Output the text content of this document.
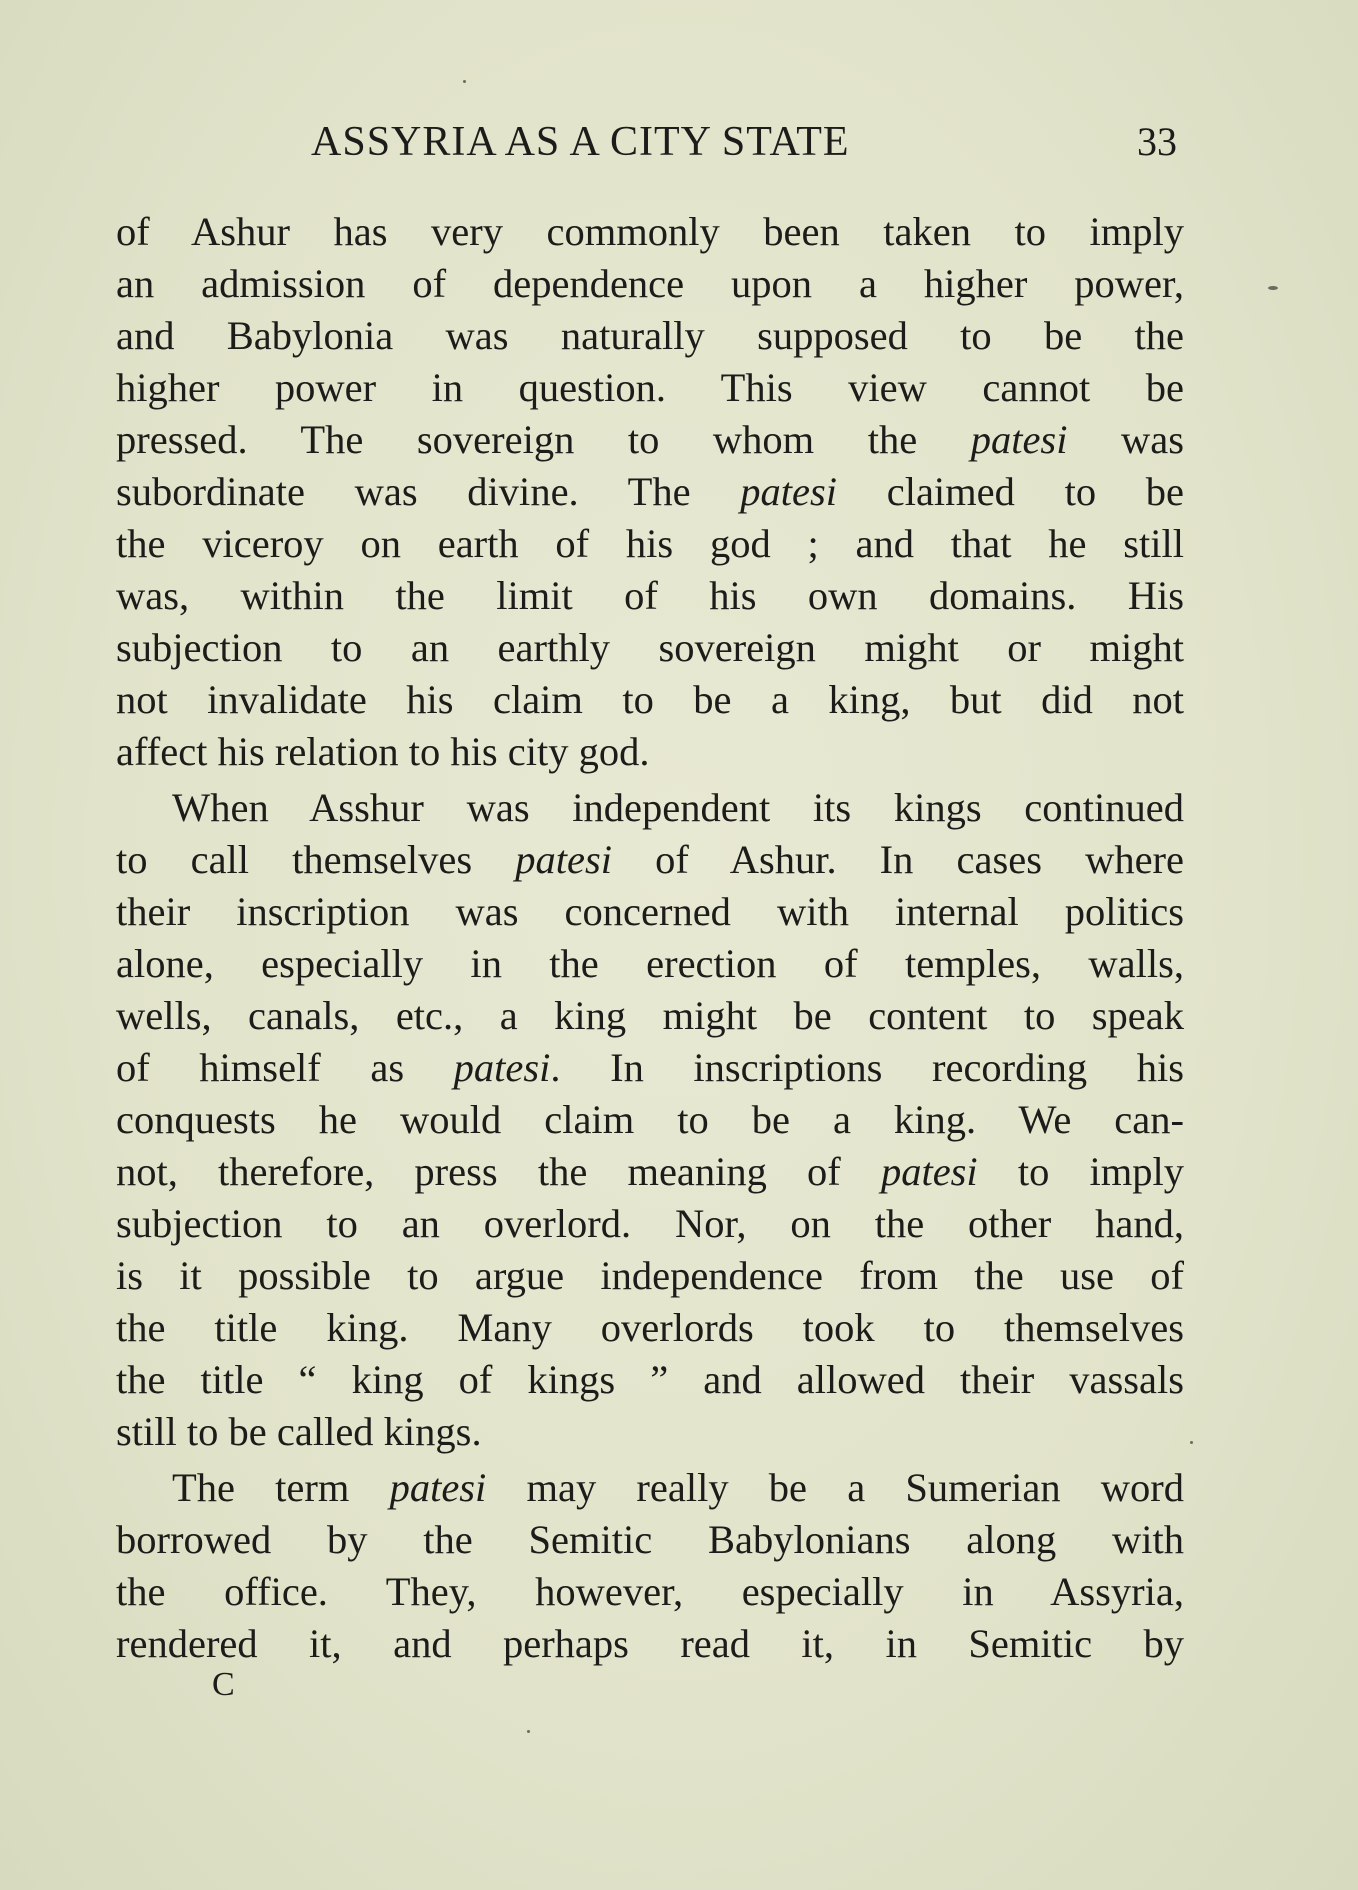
ASSYRIA AS A CITY STATE	33
of Ashur has very commonly been taken to imply
an admission of dependence upon a higher power,
and Babylonia was naturally supposed to be the
higher power in question. This view cannot be
pressed. The sovereign to whom the patesi was
subordinate was divine. The patesi claimed to be
the viceroy on earth of his god ; and that he still
was, within the limit of his own domains. His
subjection to an earthly sovereign might or might
not invalidate his claim to be a king, but did not
affect his relation to his city god.
When Asshur was independent its kings continued
to call themselves patesi of Ashur. In cases where
their inscription was concerned with internal politics
alone, especially in the erection of temples, walls,
wells, canals, etc., a king might be content to speak
of himself as patesi. In inscriptions recording his
conquests he would claim to be a king. We can-
not, therefore, press the meaning of patesi to imply
subjection to an overlord. Nor, on the other hand,
is it possible to argue independence from the use of
the title king. Many overlords took to themselves
the title “ king of kings ” and allowed their vassals
still to be called kings.
The term patesi may really be a Sumerian word
borrowed by the Semitic Babylonians along with
the office. They, however, especially in Assyria,
rendered it, and perhaps read it, in Semitic by
C
